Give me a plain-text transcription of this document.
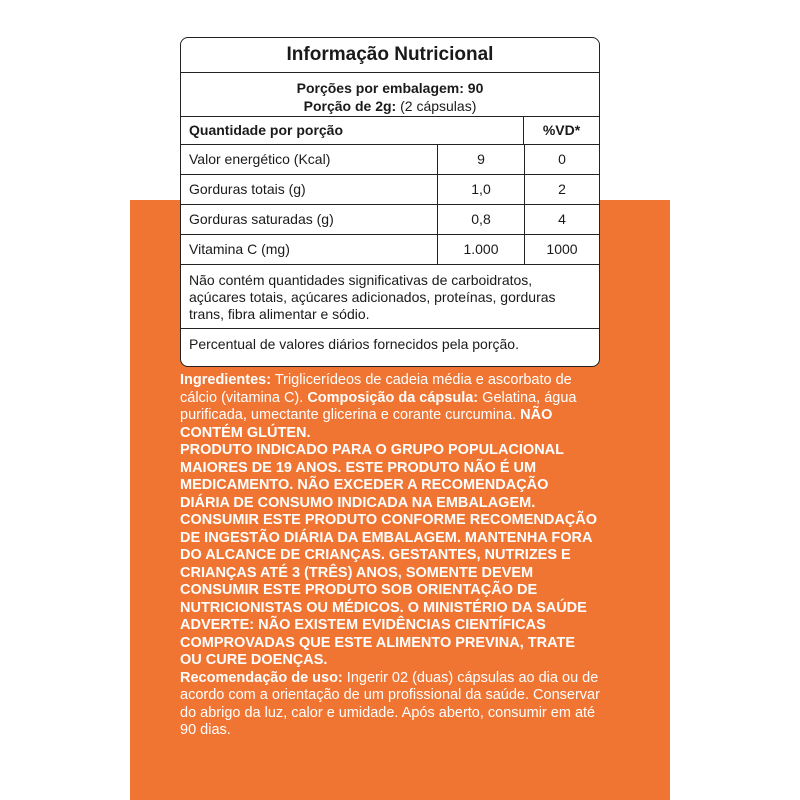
Informação Nutricional
Porções por embalagem: 90
Porção de 2g: (2 cápsulas)
Quantidade por porção	%VD*
Valor energético (Kcal)	9	0
Gorduras totais (g)	1,0	2
Gorduras saturadas (g)	0,8	4
Vitamina C (mg)	1.000	1000
Não contém quantidades significativas de carboidratos, açúcares totais, açúcares adicionados, proteínas, gorduras trans, fibra alimentar e sódio.
Percentual de valores diários fornecidos pela porção.

Ingredientes: Triglicerídeos de cadeia média e ascorbato de cálcio (vitamina C). Composição da cápsula: Gelatina, água purificada, umectante glicerina e corante curcumina. NÃO CONTÉM GLÚTEN.

PRODUTO INDICADO PARA O GRUPO POPULACIONAL MAIORES DE 19 ANOS. ESTE PRODUTO NÃO É UM MEDICAMENTO. NÃO EXCEDER A RECOMENDAÇÃO DIÁRIA DE CONSUMO INDICADA NA EMBALAGEM. CONSUMIR ESTE PRODUTO CONFORME RECOMENDAÇÃO DE INGESTÃO DIÁRIA DA EMBALAGEM. MANTENHA FORA DO ALCANCE DE CRIANÇAS. GESTANTES, NUTRIZES E CRIANÇAS ATÉ 3 (TRÊS) ANOS, SOMENTE DEVEM CONSUMIR ESTE PRODUTO SOB ORIENTAÇÃO DE NUTRICIONISTAS OU MÉDICOS. O MINISTÉRIO DA SAÚDE ADVERTE: NÃO EXISTEM EVIDÊNCIAS CIENTÍFICAS COMPROVADAS QUE ESTE ALIMENTO PREVINA, TRATE OU CURE DOENÇAS.

Recomendação de uso: Ingerir 02 (duas) cápsulas ao dia ou de acordo com a orientação de um profissional da saúde. Conservar do abrigo da luz, calor e umidade. Após aberto, consumir em até 90 dias.
